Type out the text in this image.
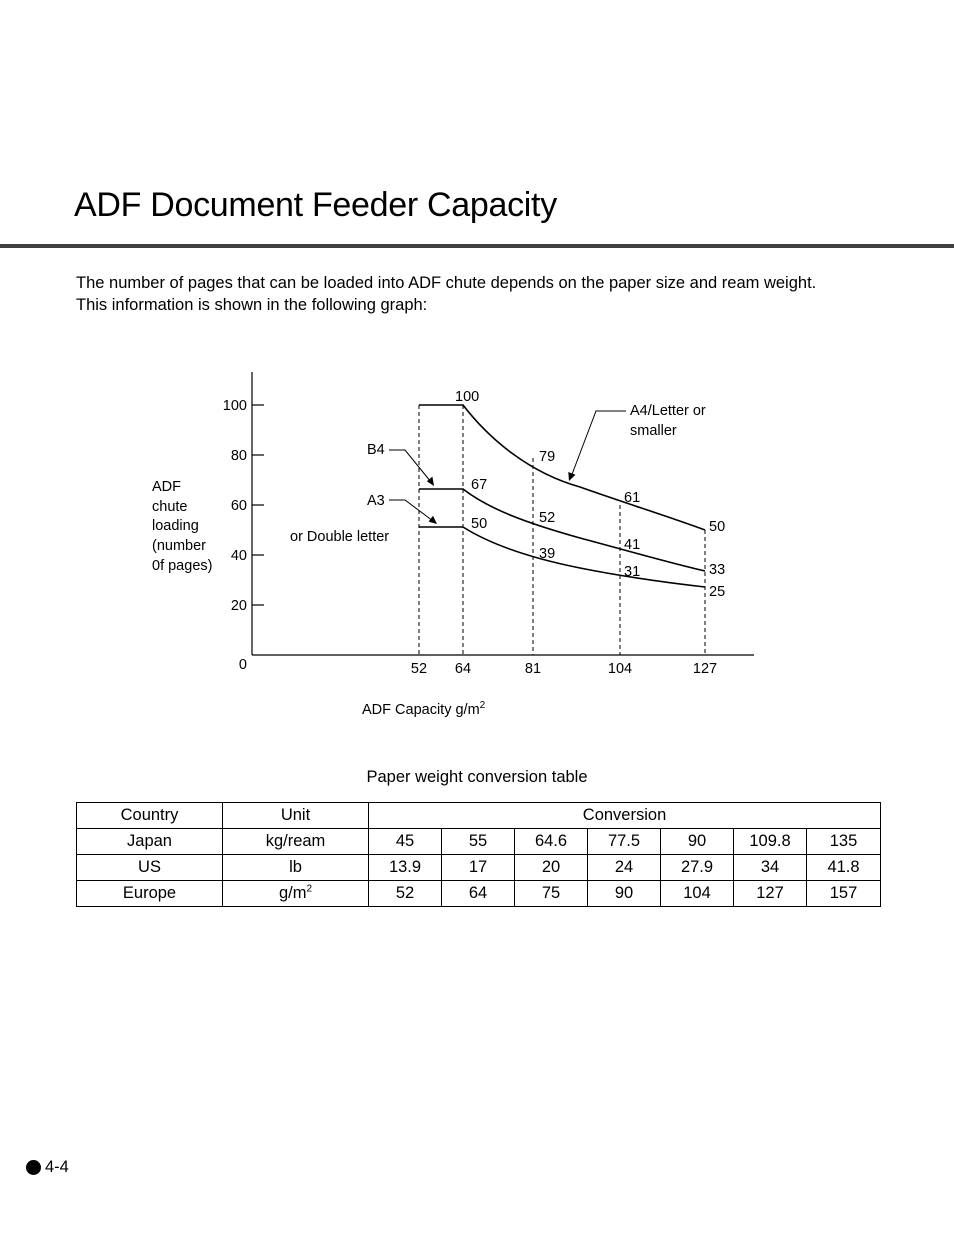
ADF Document Feeder Capacity

The number of pages that can be loaded into ADF chute depends on the paper size and ream weight.

This information is shown in the following graph:

100
80
60
40
20
0
ADF
chute
loading
(number
0f pages)
52 64	81	104	127
ADF Capacity $g/m^2$
100
79
61
50
67
52
41
33
50
39
31
25
A4/Letter or
smaller
B4
A3
or Double letter
Paper weight conversion table
Country	Unit	Conversion						
Japan	kg/ream	45	55	64.6	77.5	90	109.8	135
US	lb	13.9	17	20	24	27.9	34	41.8
Europe	$g/m^2$	52	64	75	90	104	127	157
4-4
